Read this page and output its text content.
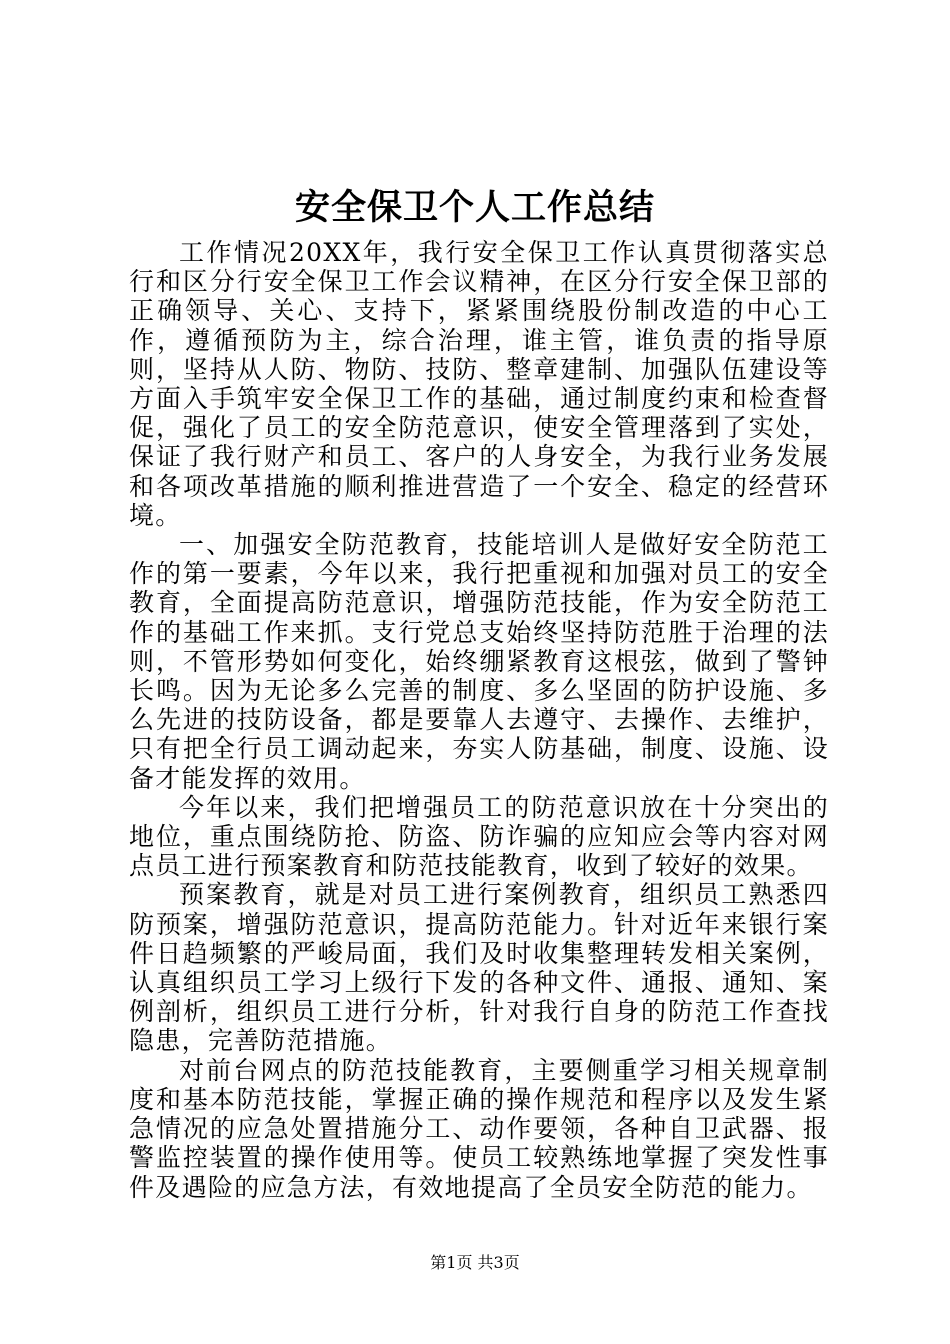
安全保卫个人工作总结

工作情况20XX年，我行安全保卫工作认真贯彻落实总行和区分行安全保卫工作会议精神，在区分行安全保卫部的正确领导、关心、支持下，紧紧围绕股份制改造的中心工作，遵循预防为主，综合治理，谁主管，谁负责的指导原则，坚持从人防、物防、技防、整章建制、加强队伍建设等方面入手筑牢安全保卫工作的基础，通过制度约束和检查督促，强化了员工的安全防范意识，使安全管理落到了实处，保证了我行财产和员工、客户的人身安全，为我行业务发展和各项改革措施的顺利推进营造了一个安全、稳定的经营环境。

一、加强安全防范教育，技能培训人是做好安全防范工作的第一要素，今年以来，我行把重视和加强对员工的安全教育，全面提高防范意识，增强防范技能，作为安全防范工作的基础工作来抓。支行党总支始终坚持防范胜于治理的法则，不管形势如何变化，始终绷紧教育这根弦，做到了警钟长鸣。因为无论多么完善的制度、多么坚固的防护设施、多么先进的技防设备，都是要靠人去遵守、去操作、去维护，只有把全行员工调动起来，夯实人防基础，制度、设施、设备才能发挥的效用。

今年以来，我们把增强员工的防范意识放在十分突出的地位，重点围绕防抢、防盗、防诈骗的应知应会等内容对网点员工进行预案教育和防范技能教育，收到了较好的效果。

预案教育，就是对员工进行案例教育，组织员工熟悉四防预案，增强防范意识，提高防范能力。针对近年来银行案件日趋频繁的严峻局面，我们及时收集整理转发相关案例，认真组织员工学习上级行下发的各种文件、通报、通知、案例剖析，组织员工进行分析，针对我行自身的防范工作查找隐患，完善防范措施。

对前台网点的防范技能教育，主要侧重学习相关规章制度和基本防范技能，掌握正确的操作规范和程序以及发生紧急情况的应急处置措施分工、动作要领，各种自卫武器、报警监控装置的操作使用等。使员工较熟练地掌握了突发性事件及遇险的应急方法，有效地提高了全员安全防范的能力。

第1页 共3页
